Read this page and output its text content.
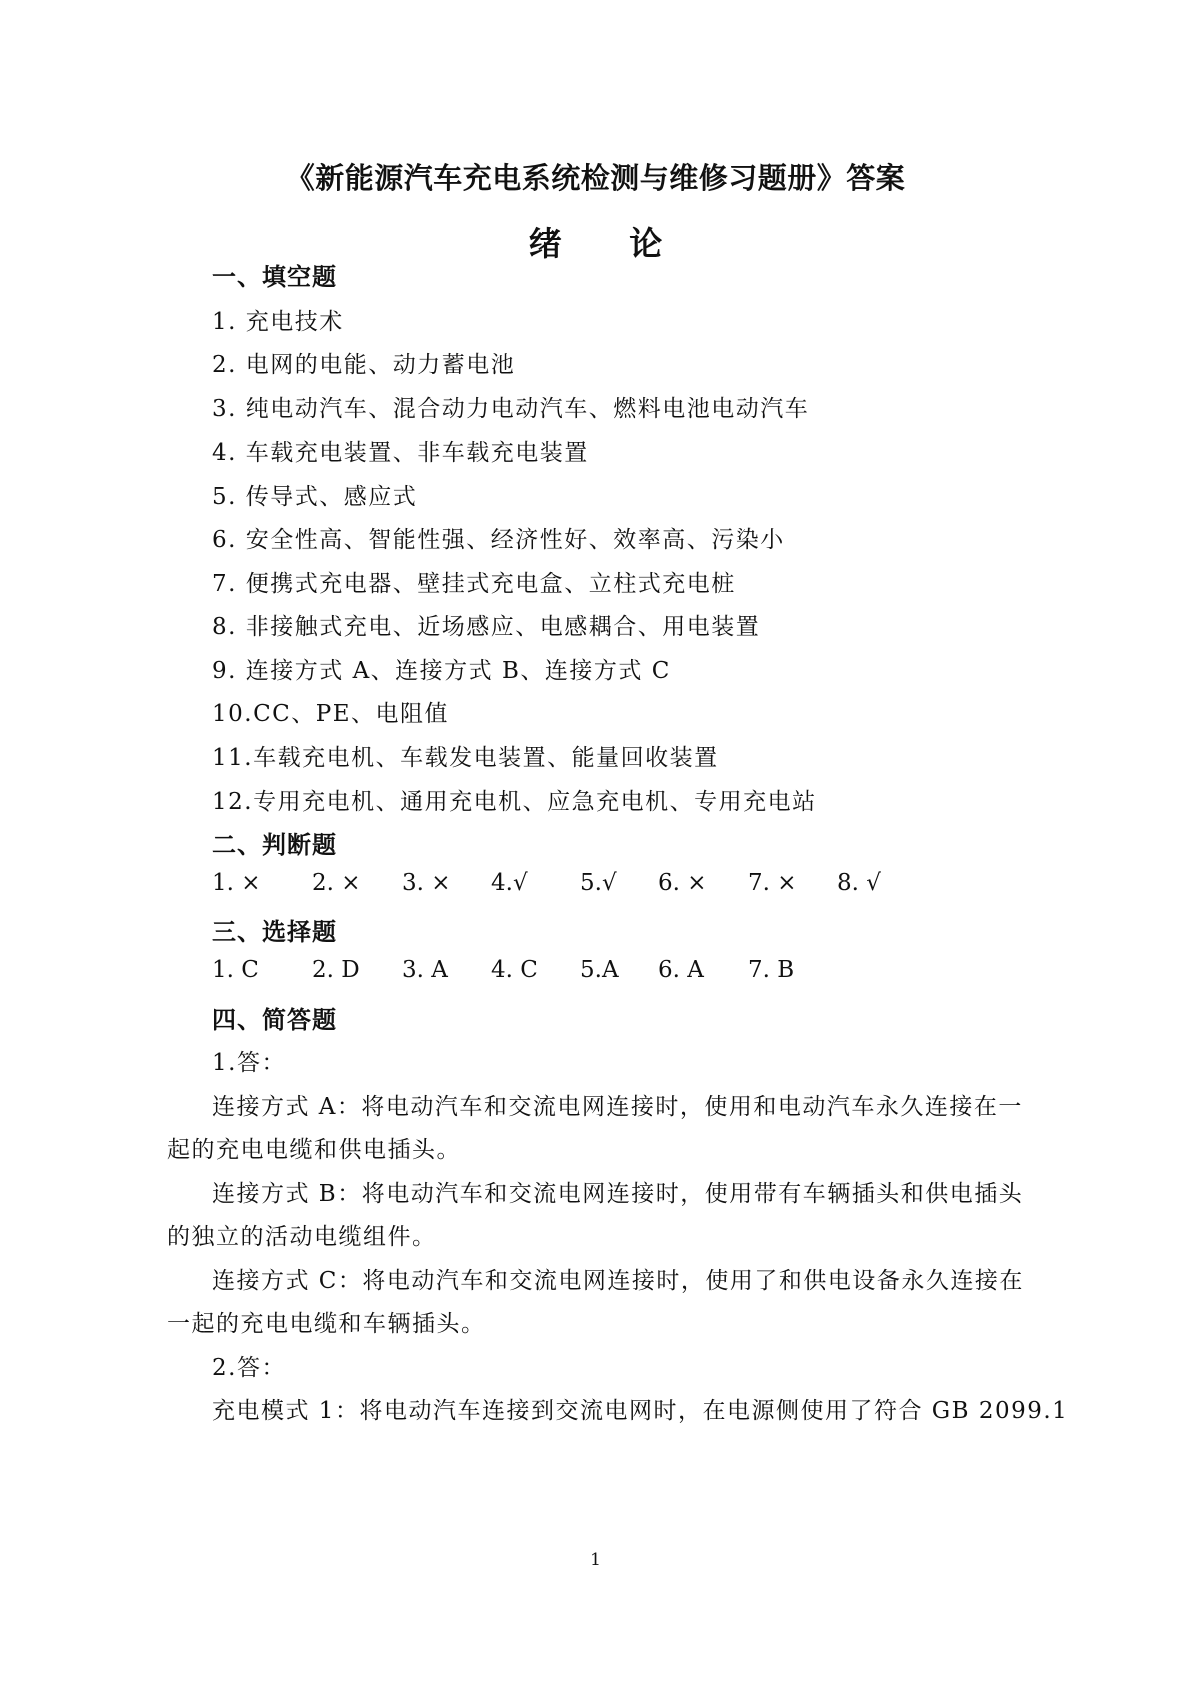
《新能源汽车充电系统检测与维修习题册》答案
绪 论
一、填空题
1. 充电技术
2. 电网的电能、动力蓄电池
3. 纯电动汽车、混合动力电动汽车、燃料电池电动汽车
4. 车载充电装置、非车载充电装置
5. 传导式、感应式
6. 安全性高、智能性强、经济性好、效率高、污染小
7. 便携式充电器、壁挂式充电盒、立柱式充电桩
8. 非接触式充电、近场感应、电感耦合、用电装置
9. 连接方式 A、连接方式 B、连接方式 C
10.CC、PE、电阻值
11.车载充电机、车载发电装置、能量回收装置
12.专用充电机、通用充电机、应急充电机、专用充电站
二、判断题
1. × 2. × 3. × 4.√ 5.√ 6. × 7. × 8. √
三、选择题
1. C 2. D 3. A 4. C 5.A 6. A 7. B
四、简答题
1.答：
连接方式 A：将电动汽车和交流电网连接时，使用和电动汽车永久连接在一
起的充电电缆和供电插头。
连接方式 B：将电动汽车和交流电网连接时，使用带有车辆插头和供电插头
的独立的活动电缆组件。
连接方式 C：将电动汽车和交流电网连接时，使用了和供电设备永久连接在
一起的充电电缆和车辆插头。
2.答：
充电模式 1：将电动汽车连接到交流电网时，在电源侧使用了符合 GB 2099.1
1
